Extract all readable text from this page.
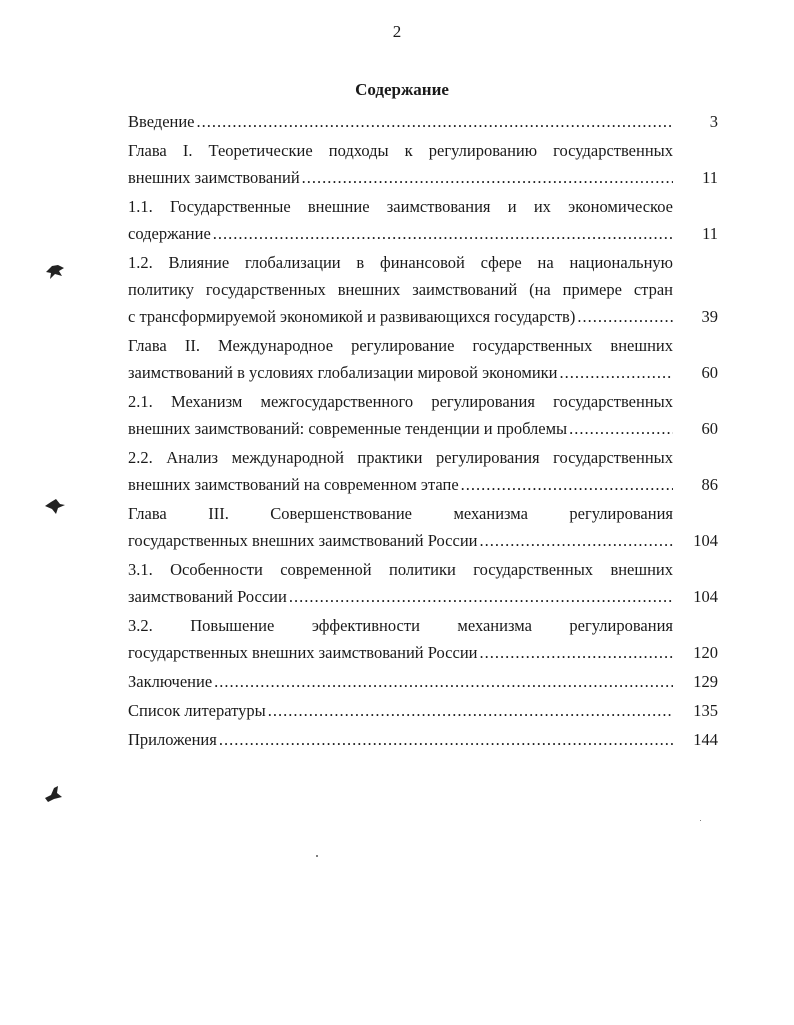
2
Содержание
Введение .....	3
Глава I. Теоретические подходы к регулированию государственных
внешних заимствований .....	11
1.1. Государственные внешние заимствования и их экономическое
содержание .....	11
1.2. Влияние глобализации в финансовой сфере на национальную
политику государственных внешних заимствований (на примере стран
с трансформируемой экономикой и развивающихся государств) .....	39
Глава II. Международное регулирование государственных внешних
заимствований в условиях глобализации мировой экономики .....	60
2.1. Механизм межгосударственного регулирования государственных
внешних заимствований: современные тенденции и проблемы .....	60
2.2. Анализ международной практики регулирования государственных
внешних заимствований на современном этапе .....	86
Глава III. Совершенствование механизма регулирования
государственных внешних заимствований России .....	104
3.1. Особенности современной политики государственных внешних
заимствований России .....	104
3.2. Повышение эффективности механизма регулирования
государственных внешних заимствований России .....	120
Заключение .....	129
Список литературы .....	135
Приложения .....	144
